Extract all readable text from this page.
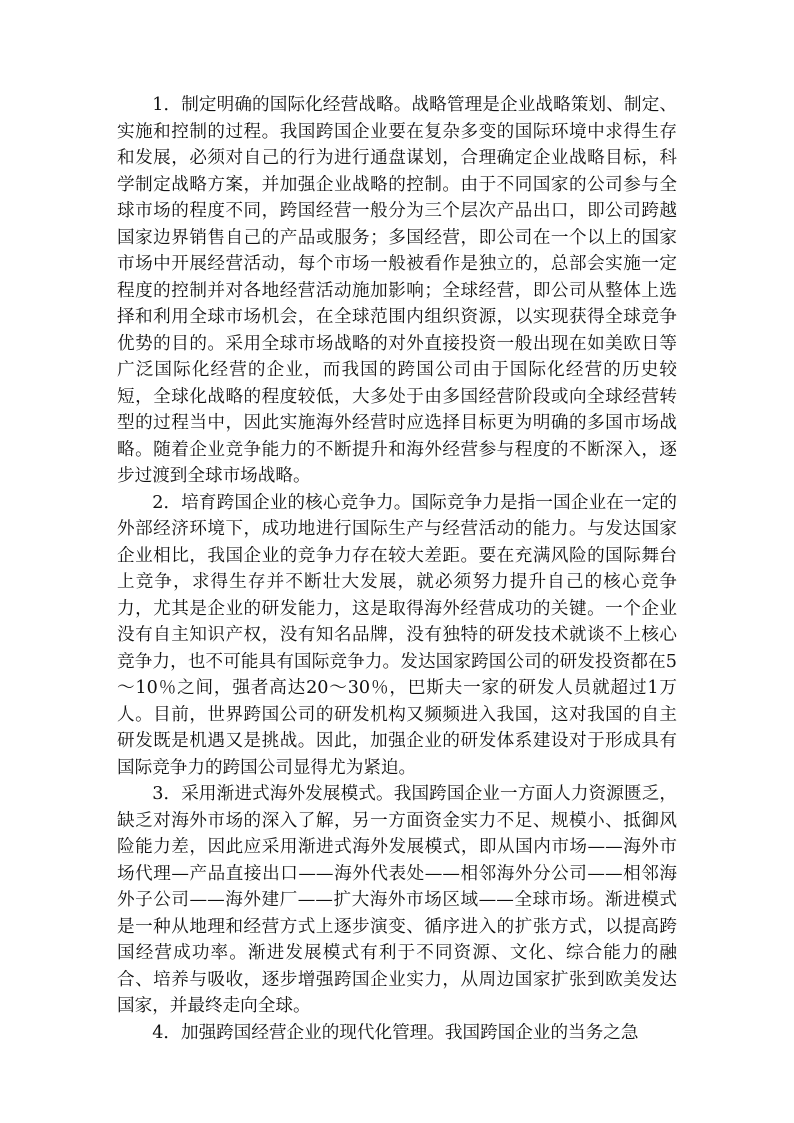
1．制定明确的国际化经营战略。战略管理是企业战略策划、制定、实施和控制的过程。我国跨国企业要在复杂多变的国际环境中求得生存和发展，必须对自己的行为进行通盘谋划，合理确定企业战略目标，科学制定战略方案，并加强企业战略的控制。由于不同国家的公司参与全球市场的程度不同，跨国经营一般分为三个层次产品出口，即公司跨越国家边界销售自己的产品或服务；多国经营，即公司在一个以上的国家市场中开展经营活动，每个市场一般被看作是独立的，总部会实施一定程度的控制并对各地经营活动施加影响；全球经营，即公司从整体上选择和利用全球市场机会，在全球范围内组织资源，以实现获得全球竞争优势的目的。采用全球市场战略的对外直接投资一般出现在如美欧日等广泛国际化经营的企业，而我国的跨国公司由于国际化经营的历史较短，全球化战略的程度较低，大多处于由多国经营阶段或向全球经营转型的过程当中，因此实施海外经营时应选择目标更为明确的多国市场战略。随着企业竞争能力的不断提升和海外经营参与程度的不断深入，逐步过渡到全球市场战略。

2．培育跨国企业的核心竞争力。国际竞争力是指一国企业在一定的外部经济环境下，成功地进行国际生产与经营活动的能力。与发达国家企业相比，我国企业的竞争力存在较大差距。要在充满风险的国际舞台上竞争，求得生存并不断壮大发展，就必须努力提升自己的核心竞争力，尤其是企业的研发能力，这是取得海外经营成功的关键。一个企业没有自主知识产权，没有知名品牌，没有独特的研发技术就谈不上核心竞争力，也不可能具有国际竞争力。发达国家跨国公司的研发投资都在5～10％之间，强者高达20～30％，巴斯夫一家的研发人员就超过1万人。目前，世界跨国公司的研发机构又频频进入我国，这对我国的自主研发既是机遇又是挑战。因此，加强企业的研发体系建设对于形成具有国际竞争力的跨国公司显得尤为紧迫。

3．采用渐进式海外发展模式。我国跨国企业一方面人力资源匮乏，缺乏对海外市场的深入了解，另一方面资金实力不足、规模小、抵御风险能力差，因此应采用渐进式海外发展模式，即从国内市场——海外市场代理—产品直接出口——海外代表处——相邻海外分公司——相邻海外子公司——海外建厂——扩大海外市场区域——全球市场。渐进模式是一种从地理和经营方式上逐步演变、循序进入的扩张方式，以提高跨国经营成功率。渐进发展模式有利于不同资源、文化、综合能力的融合、培养与吸收，逐步增强跨国企业实力，从周边国家扩张到欧美发达国家，并最终走向全球。

4．加强跨国经营企业的现代化管理。我国跨国企业的当务之急
